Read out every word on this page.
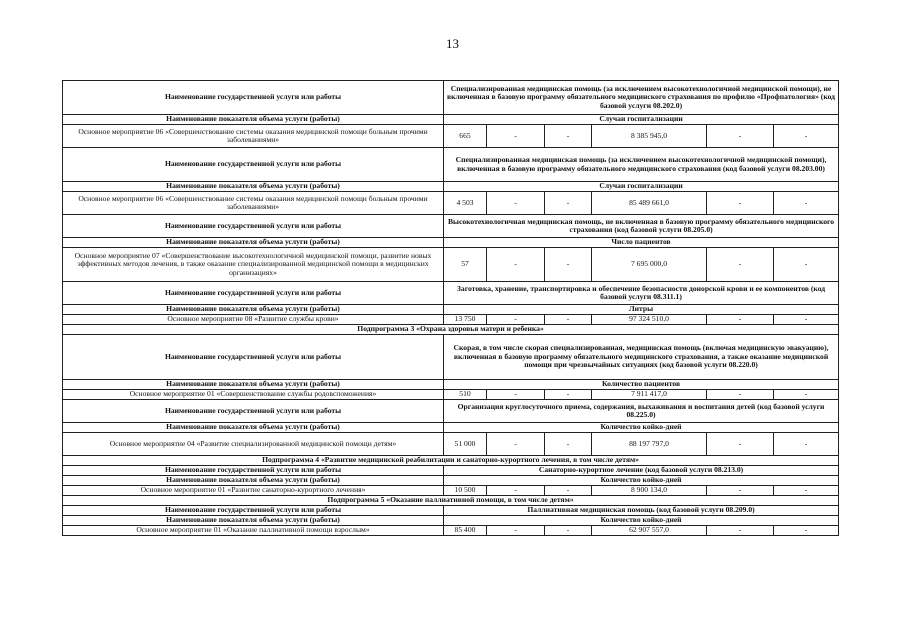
13
Наименование государственной услуги или работы	Специализированная медицинская помощь (за исключением высокотехнологичной медицинской помощи), не включенная в базовую программу обязательного медицинского страхования по профилю «Профпатология» (код базовой услуги 08.202.0)					
Наименование показателя объема услуги (работы)	Случаи госпитализации					
Основное мероприятие 06 «Совершенствование системы оказания медицинской помощи больным прочими заболеваниями»	665	-	-	8 385 945,0	-	-
Наименование государственной услуги или работы	Специализированная медицинская помощь (за исключением высокотехнологичной медицинской помощи), включенная в базовую программу обязательного медицинского страхования (код базовой услуги 08.203.00)					
Наименование показателя объема услуги (работы)	Случаи госпитализации					
Основное мероприятие 06 «Совершенствование системы оказания медицинской помощи больным прочими заболеваниями»	4 503	-	-	85 489 661,0	-	-
Наименование государственной услуги или работы	Высокотехнологичная медицинская помощь, не включенная в базовую программу обязательного медицинского страхования (код базовой услуги 08.205.0)					
Наименование показателя объема услуги (работы)	Число пациентов					
Основное мероприятие 07 «Совершенствование высокотехнологичной медицинской помощи, развитие новых эффективных методов лечения, в также оказание специализированной медицинской помощи в медицинских организациях»	57	-	-	7 695 000,0	-	-
Наименование государственной услуги или работы	Заготовка, хранение, транспортировка и обеспечение безопасности донорской крови и ее компонентов (код базовой услуги 08.311.1)					
Наименование показателя объема услуги (работы)	Литры					
Основное мероприятие 08 «Развитие службы крови»	13 750	-	-	97 324 510,0	-	-
Подпрограмма 3 «Охрана здоровья матери и ребенка»						
Наименование государственной услуги или работы	Скорая, в том числе скорая специализированная, медицинская помощь (включая медицинскую эвакуацию), включенная в базовую программу обязательного медицинского страхования, а также оказание медицинской помощи при чрезвычайных ситуациях (код базовой услуги 08.220.0)					
Наименование показателя объема услуги (работы)	Количество пациентов					
Основное мероприятие 01 «Совершенствование службы родовспоможения»	510	-	-	7 911 417,0	-	-
Наименование государственной услуги или работы	Организация круглосуточного приема, содержания, выхаживания и воспитания детей (код базовой услуги 08.225.0)					
Наименование показателя объема услуги (работы)	Количество койко-дней					
Основное мероприятие 04 «Развитие специализированной медицинской помощи детям»	51 000	-	-	88 197 797,0	-	-
Подпрограмма 4 «Развитие медицинской реабилитации и санаторно-курортного лечения, в том числе детям»						
Наименование государственной услуги или работы	Санаторно-курортное лечение (код базовой услуги 08.213.0)					
Наименование показателя объема услуги (работы)	Количество койко-дней					
Основное мероприятие 01 «Развитие санаторно-курортного лечения»	10 500	-	-	8 900 134,0	-	-
Подпрограмма 5 «Оказание паллиативной помощи, в том числе детям»						
Наименование государственной услуги или работы	Паллиативная медицинская помощь (код базовой услуги 08.209.0)					
Наименование показателя объема услуги (работы)	Количество койко-дней					
Основное мероприятие 01 «Оказание паллиативной помощи взрослым»	85 400	-	-	62 907 557,0	-	-
